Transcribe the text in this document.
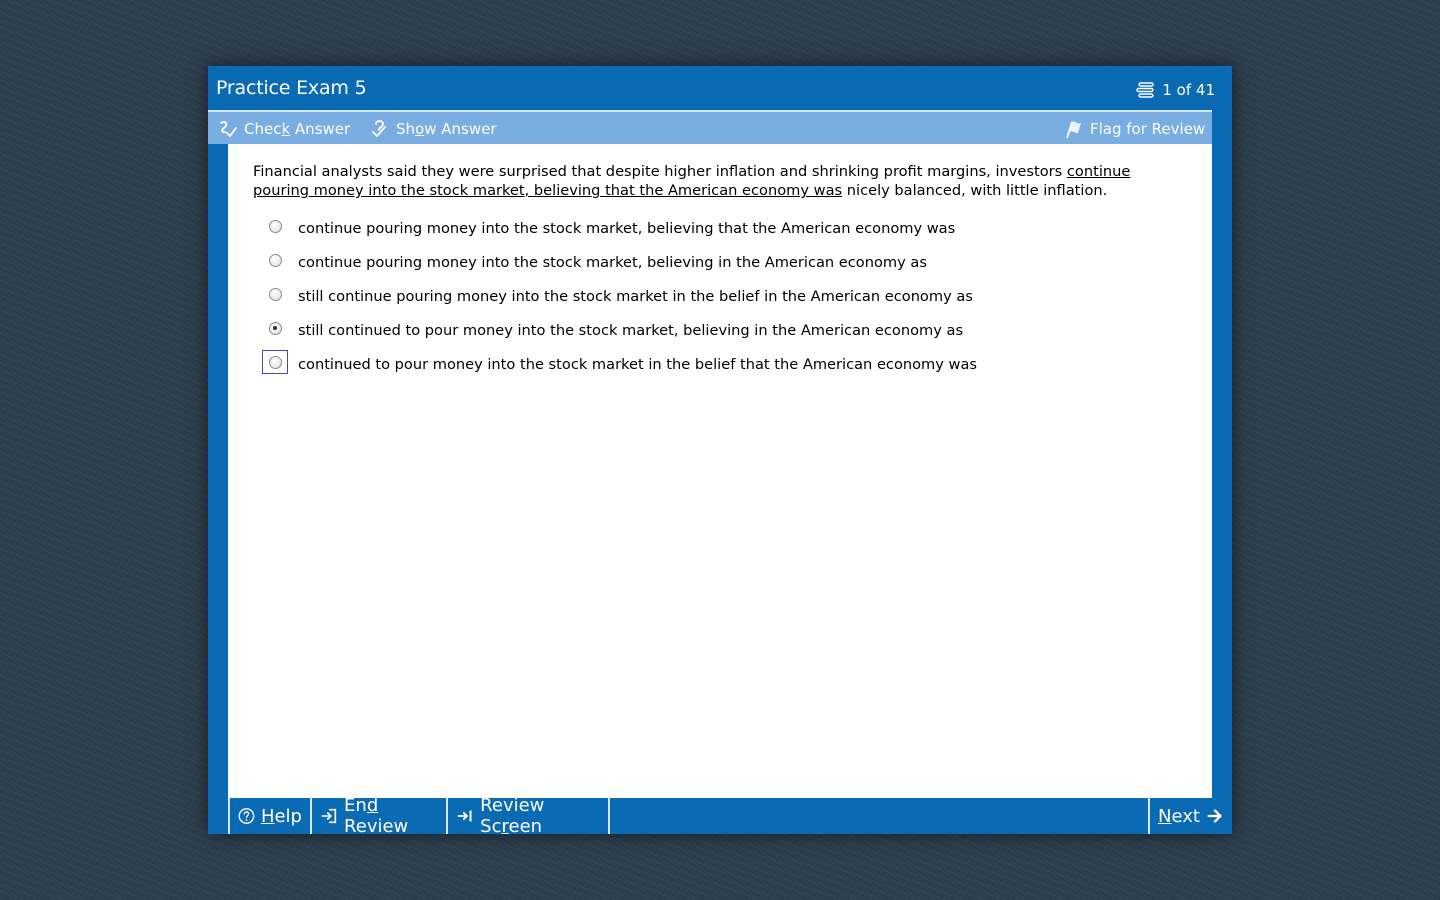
Practice Exam 5	1 of 41
Check Answer	Show Answer	Flag for Review
Financial analysts said they were surprised that despite higher inflation and shrinking profit margins, investors continue pouring money into the stock market, believing that the American economy was nicely balanced, with little inflation.
continue pouring money into the stock market, believing that the American economy was
continue pouring money into the stock market, believing in the American economy as
still continue pouring money into the stock market in the belief in the American economy as
still continued to pour money into the stock market, believing in the American economy as
continued to pour money into the stock market in the belief that the American economy was
Help End Review
Review Screen	Next
